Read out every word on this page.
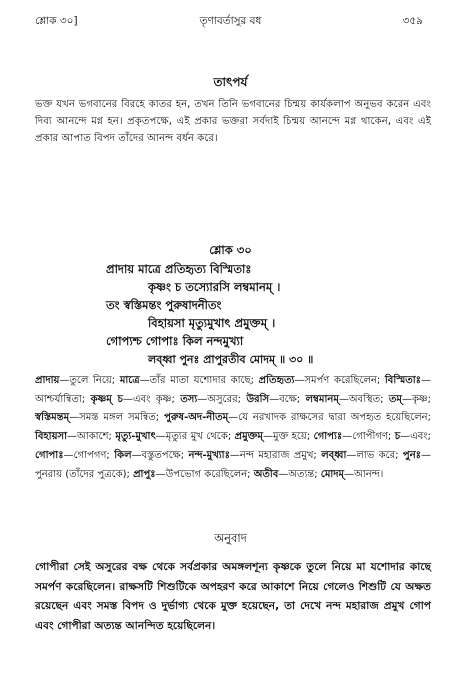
শ্লোক ৩০]	তৃণাবর্তাসুর বধ	৩৫৯
তাৎপর্য

ভক্ত যখন ভগবানের বিরহে কাতর হন, তখন তিনি ভগবানের চিন্ময় কার্যকলাপ অনুভব করেন এবং দিব্য আনন্দে মগ্ন হন। প্রকৃতপক্ষে, এই প্রকার ভক্তরা সর্বদাই চিন্ময় আনন্দে মগ্ন থাকেন, এবং এই প্রকার আপাত বিপদ তাঁদের আনন্দ বর্ধন করে।

শ্লোক ৩০
প্রাদায় মাত্রে প্রতিহৃত্য বিস্মিতাঃ
কৃষ্ণং চ তস্যোরসি লম্বমানম্ ।
তং স্বস্তিমন্তং পুরুষাদনীতং
বিহায়সা মৃত্যুমুখাৎ প্রমুক্তম্ ।
গোপ্যশ্চ গোপাঃ কিল নন্দমুখ্যা
লব্ধ্বা পুনঃ প্রাপুরতীব মোদম্ ॥ ৩০ ॥

প্রাদায়—তুলে নিয়ে; মাত্রে—তাঁর মাতা যশোদার কাছে; প্রতিহৃত্য—সমর্পণ করেছিলেন; বিস্মিতাঃ—আশ্চর্যান্বিতা; কৃষ্ণম্ চ—এবং কৃষ্ণ; তস্য—অসুরের; উরসি—বক্ষে; লম্বমানম্—অবস্থিত; তম্—কৃষ্ণ; স্বস্তিমন্তম্—সমস্ত মঙ্গল সমন্বিত; পুরুষ-অদ-নীতম্—যে নরখাদক রাক্ষসের দ্বারা অপহৃত হয়েছিলেন; বিহায়সা—আকাশে; মৃত্যু-মুখাৎ—মৃত্যুর মুখ থেকে; প্রমুক্তম্—মুক্ত হয়ে; গোপ্যঃ—গোপীগণ; চ—এবং; গোপাঃ—গোপগণ; কিল—বস্তুতপক্ষে; নন্দ-মুখ্যাঃ—নন্দ মহারাজ প্রমুখ; লব্ধ্বা—লাভ করে; পুনঃ—পুনরায় (তাঁদের পুত্রকে); প্রাপুঃ—উপভোগ করেছিলেন; অতীব—অত্যন্ত; মোদম্—আনন্দ।

অনুবাদ

গোপীরা সেই অসুরের বক্ষ থেকে সর্বপ্রকার অমঙ্গলশূন্য কৃষ্ণকে তুলে নিয়ে মা যশোদার কাছে সমর্পণ করেছিলেন। রাক্ষসটি শিশুটিকে অপহরণ করে আকাশে নিয়ে গেলেও শিশুটি যে অক্ষত রয়েছেন এবং সমস্ত বিপদ ও দুর্ভাগ্য থেকে মুক্ত হয়েছেন, তা দেখে নন্দ মহারাজ প্রমুখ গোপ এবং গোপীরা অত্যন্ত আনন্দিত হয়েছিলেন।
